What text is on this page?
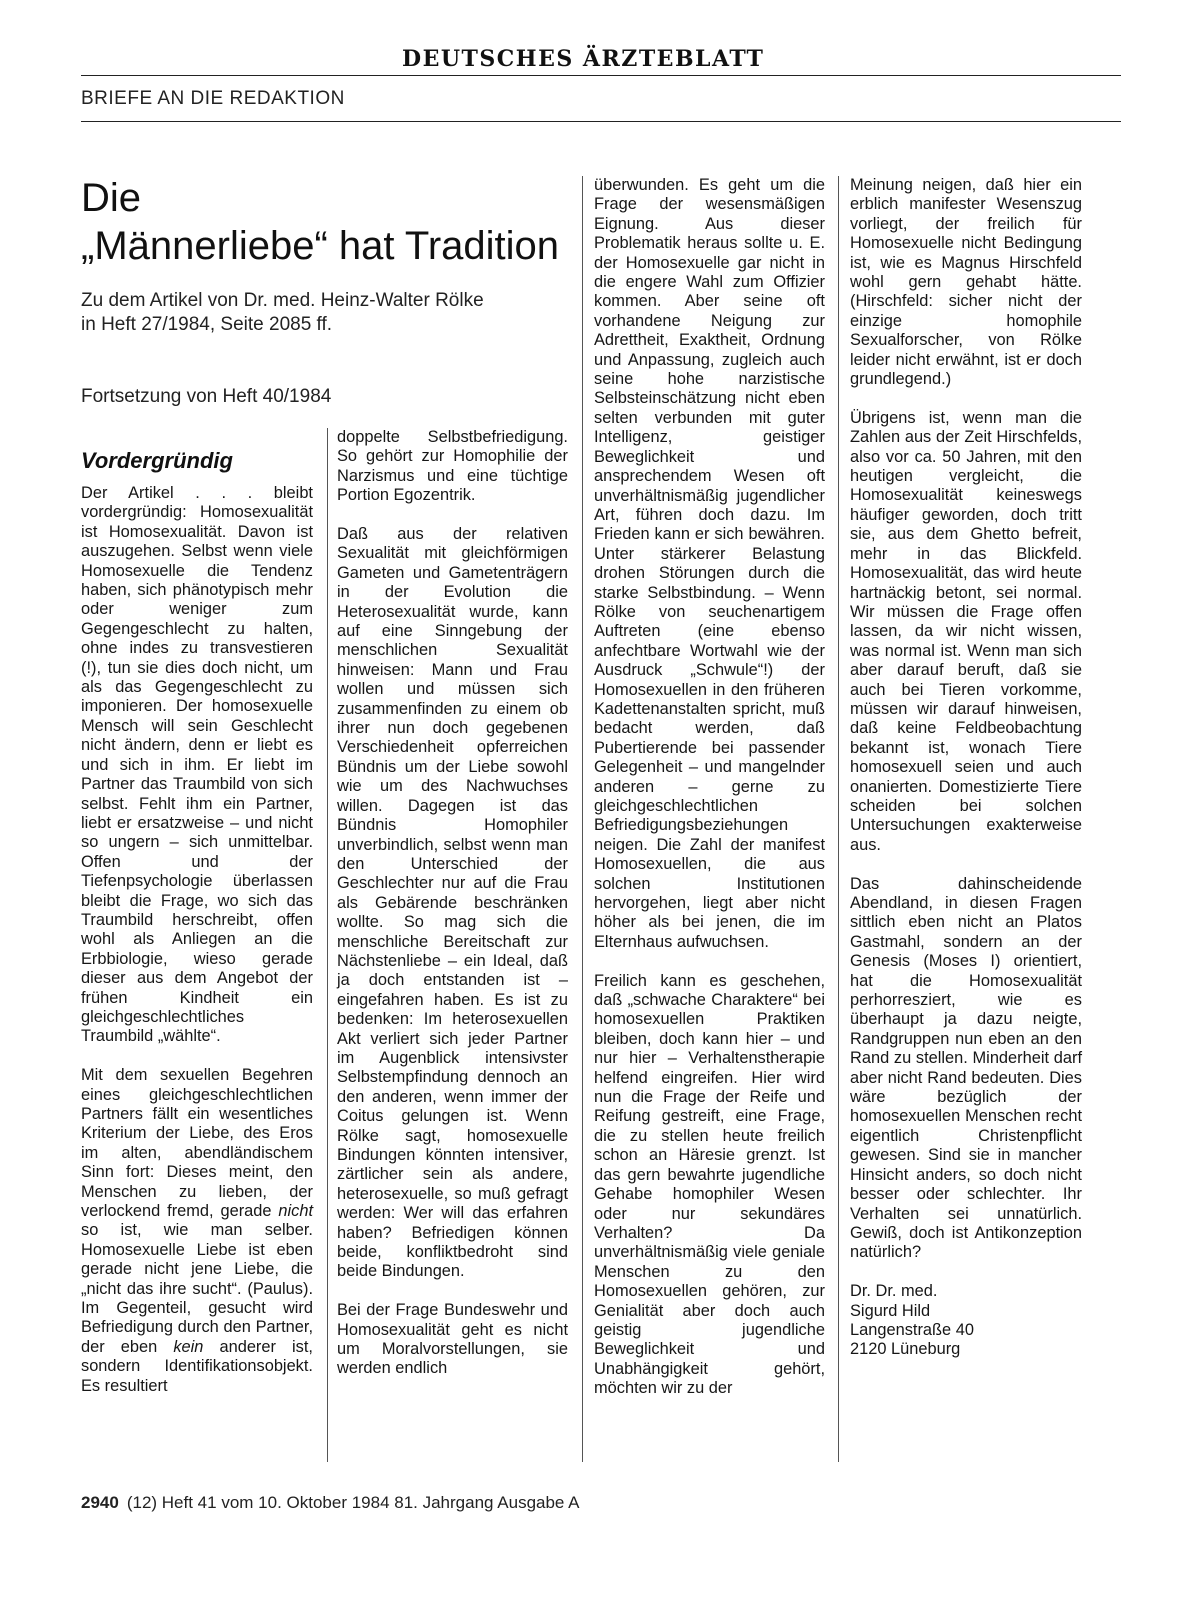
DEUTSCHES ÄRZTEBLATT
BRIEFE AN DIE REDAKTION
Die
„Männerliebe“ hat Tradition
Zu dem Artikel von Dr. med. Heinz-Walter Rölke
in Heft 27/1984, Seite 2085 ff.
Fortsetzung von Heft 40/1984
Vordergründig

Der Artikel . . . bleibt vordergründig: Homosexualität ist Homosexualität. Davon ist auszugehen. Selbst wenn viele Homosexuelle die Tendenz haben, sich phänotypisch mehr oder weniger zum Gegengeschlecht zu halten, ohne indes zu transvestieren (!), tun sie dies doch nicht, um als das Gegengeschlecht zu imponieren. Der homosexuelle Mensch will sein Geschlecht nicht ändern, denn er liebt es und sich in ihm. Er liebt im Partner das Traumbild von sich selbst. Fehlt ihm ein Partner, liebt er ersatzweise – und nicht so ungern – sich unmittelbar. Offen und der Tiefenpsychologie überlassen bleibt die Frage, wo sich das Traumbild herschreibt, offen wohl als Anliegen an die Erbbiologie, wieso gerade dieser aus dem Angebot der frühen Kindheit ein gleichgeschlechtliches Traumbild „wählte“.

Mit dem sexuellen Begehren eines gleichgeschlechtlichen Partners fällt ein wesentliches Kriterium der Liebe, des Eros im alten, abendländischem Sinn fort: Dieses meint, den Menschen zu lieben, der verlockend fremd, gerade nicht so ist, wie man selber. Homosexuelle Liebe ist eben gerade nicht jene Liebe, die „nicht das ihre sucht“. (Paulus). Im Gegenteil, gesucht wird Befriedigung durch den Partner, der eben kein anderer ist, sondern Identifikationsobjekt. Es resultiert

doppelte Selbstbefriedigung. So gehört zur Homophilie der Narzismus und eine tüchtige Portion Egozentrik.

Daß aus der relativen Sexualität mit gleichförmigen Gameten und Gametenträgern in der Evolution die Heterosexualität wurde, kann auf eine Sinngebung der menschlichen Sexualität hinweisen: Mann und Frau wollen und müssen sich zusammenfinden zu einem ob ihrer nun doch gegebenen Verschiedenheit opferreichen Bündnis um der Liebe sowohl wie um des Nachwuchses willen. Dagegen ist das Bündnis Homophiler unverbindlich, selbst wenn man den Unterschied der Geschlechter nur auf die Frau als Gebärende beschränken wollte. So mag sich die menschliche Bereitschaft zur Nächstenliebe – ein Ideal, daß ja doch entstanden ist – eingefahren haben. Es ist zu bedenken: Im heterosexuellen Akt verliert sich jeder Partner im Augenblick intensivster Selbstempfindung dennoch an den anderen, wenn immer der Coitus gelungen ist. Wenn Rölke sagt, homosexuelle Bindungen könnten intensiver, zärtlicher sein als andere, heterosexuelle, so muß gefragt werden: Wer will das erfahren haben? Befriedigen können beide, konfliktbedroht sind beide Bindungen.

Bei der Frage Bundeswehr und Homosexualität geht es nicht um Moralvorstellungen, sie werden endlich

überwunden. Es geht um die Frage der wesensmäßigen Eignung. Aus dieser Problematik heraus sollte u. E. der Homosexuelle gar nicht in die engere Wahl zum Offizier kommen. Aber seine oft vorhandene Neigung zur Adrettheit, Exaktheit, Ordnung und Anpassung, zugleich auch seine hohe narzistische Selbsteinschätzung nicht eben selten verbunden mit guter Intelligenz, geistiger Beweglichkeit und ansprechendem Wesen oft unverhältnismäßig jugendlicher Art, führen doch dazu. Im Frieden kann er sich bewähren. Unter stärkerer Belastung drohen Störungen durch die starke Selbstbindung. – Wenn Rölke von seuchenartigem Auftreten (eine ebenso anfechtbare Wortwahl wie der Ausdruck „Schwule“!) der Homosexuellen in den früheren Kadettenanstalten spricht, muß bedacht werden, daß Pubertierende bei passender Gelegenheit – und mangelnder anderen – gerne zu gleichgeschlechtlichen Befriedigungsbeziehungen neigen. Die Zahl der manifest Homosexuellen, die aus solchen Institutionen hervorgehen, liegt aber nicht höher als bei jenen, die im Elternhaus aufwuchsen.

Freilich kann es geschehen, daß „schwache Charaktere“ bei homosexuellen Praktiken bleiben, doch kann hier – und nur hier – Verhaltenstherapie helfend eingreifen. Hier wird nun die Frage der Reife und Reifung gestreift, eine Frage, die zu stellen heute freilich schon an Häresie grenzt. Ist das gern bewahrte jugendliche Gehabe homophiler Wesen oder nur sekundäres Verhalten? Da unverhältnismäßig viele geniale Menschen zu den Homosexuellen gehören, zur Genialität aber doch auch geistig jugendliche Beweglichkeit und Unabhängigkeit gehört, möchten wir zu der

Meinung neigen, daß hier ein erblich manifester Wesenszug vorliegt, der freilich für Homosexuelle nicht Bedingung ist, wie es Magnus Hirschfeld wohl gern gehabt hätte. (Hirschfeld: sicher nicht der einzige homophile Sexualforscher, von Rölke leider nicht erwähnt, ist er doch grundlegend.)

Übrigens ist, wenn man die Zahlen aus der Zeit Hirschfelds, also vor ca. 50 Jahren, mit den heutigen vergleicht, die Homosexualität keineswegs häufiger geworden, doch tritt sie, aus dem Ghetto befreit, mehr in das Blickfeld. Homosexualität, das wird heute hartnäckig betont, sei normal. Wir müssen die Frage offen lassen, da wir nicht wissen, was normal ist. Wenn man sich aber darauf beruft, daß sie auch bei Tieren vorkomme, müssen wir darauf hinweisen, daß keine Feldbeobachtung bekannt ist, wonach Tiere homosexuell seien und auch onanierten. Domestizierte Tiere scheiden bei solchen Untersuchungen exakterweise aus.

Das dahinscheidende Abendland, in diesen Fragen sittlich eben nicht an Platos Gastmahl, sondern an der Genesis (Moses I) orientiert, hat die Homosexualität perhorresziert, wie es überhaupt ja dazu neigte, Randgruppen nun eben an den Rand zu stellen. Minderheit darf aber nicht Rand bedeuten. Dies wäre bezüglich der homosexuellen Menschen recht eigentlich Christenpflicht gewesen. Sind sie in mancher Hinsicht anders, so doch nicht besser oder schlechter. Ihr Verhalten sei unnatürlich. Gewiß, doch ist Antikonzeption natürlich?

Dr. Dr. med.
Sigurd Hild
Langenstraße 40
2120 Lüneburg
2940 (12) Heft 41 vom 10. Oktober 1984 81. Jahrgang Ausgabe A
